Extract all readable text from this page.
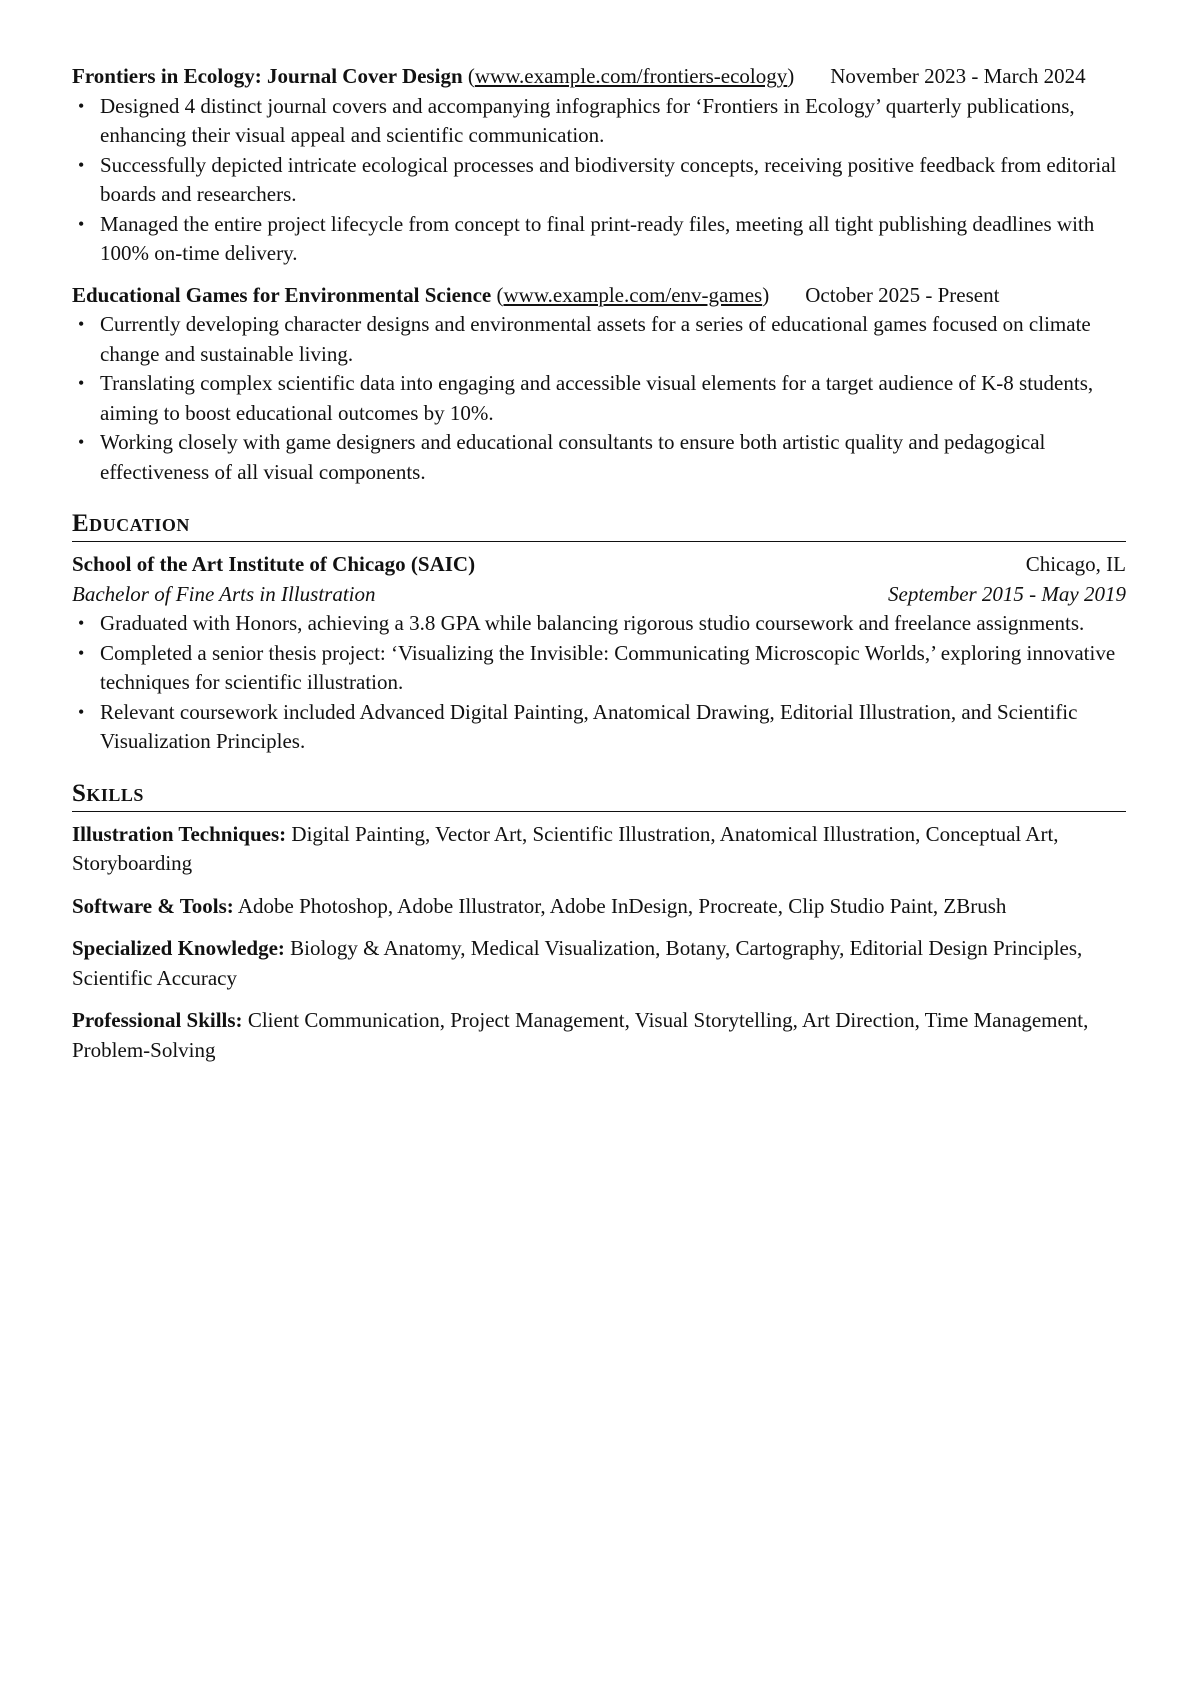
Frontiers in Ecology: Journal Cover Design (www.example.com/frontiers-ecology) November 2023 - March 2024
• Designed 4 distinct journal covers and accompanying infographics for ‘Frontiers in Ecology’ quarterly publications, enhancing their visual appeal and scientific communication.
• Successfully depicted intricate ecological processes and biodiversity concepts, receiving positive feedback from editorial boards and researchers.
• Managed the entire project lifecycle from concept to final print-ready files, meeting all tight publishing deadlines with 100% on-time delivery.
Educational Games for Environmental Science (www.example.com/env-games) October 2025 - Present
• Currently developing character designs and environmental assets for a series of educational games focused on climate change and sustainable living.
• Translating complex scientific data into engaging and accessible visual elements for a target audience of K-8 students, aiming to boost educational outcomes by 10%.
• Working closely with game designers and educational consultants to ensure both artistic quality and pedagogical effectiveness of all visual components.
Education
School of the Art Institute of Chicago (SAIC)	Chicago, IL
Bachelor of Fine Arts in Illustration	September 2015 - May 2019
• Graduated with Honors, achieving a 3.8 GPA while balancing rigorous studio coursework and freelance assignments.
• Completed a senior thesis project: ‘Visualizing the Invisible: Communicating Microscopic Worlds,’ exploring innovative techniques for scientific illustration.
• Relevant coursework included Advanced Digital Painting, Anatomical Drawing, Editorial Illustration, and Scientific Visualization Principles.
Skills
Illustration Techniques: Digital Painting, Vector Art, Scientific Illustration, Anatomical Illustration, Conceptual Art, Storyboarding
Software & Tools: Adobe Photoshop, Adobe Illustrator, Adobe InDesign, Procreate, Clip Studio Paint, ZBrush
Specialized Knowledge: Biology & Anatomy, Medical Visualization, Botany, Cartography, Editorial Design Principles, Scientific Accuracy
Professional Skills: Client Communication, Project Management, Visual Storytelling, Art Direction, Time Management, Problem-Solving
